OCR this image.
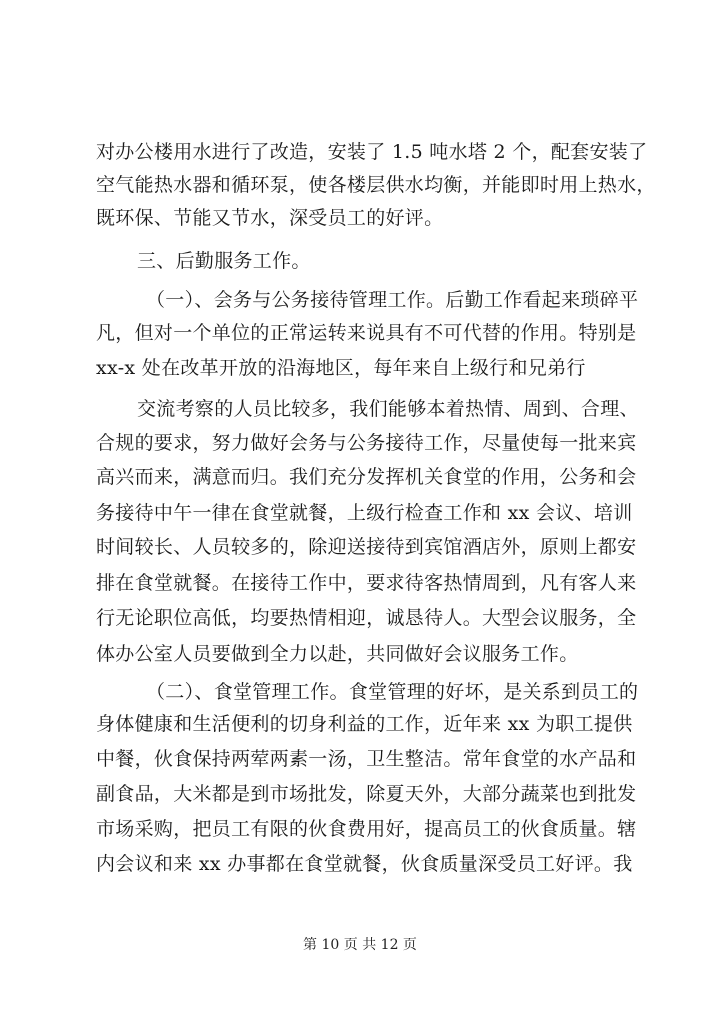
对办公楼用水进行了改造，安装了 1.5 吨水塔 2 个，配套安装了
空气能热水器和循环泵，使各楼层供水均衡，并能即时用上热水，
既环保、节能又节水，深受员工的好评。
三、后勤服务工作。
（一）、会务与公务接待管理工作。后勤工作看起来琐碎平
凡，但对一个单位的正常运转来说具有不可代替的作用。特别是
xx-x 处在改革开放的沿海地区，每年来自上级行和兄弟行
交流考察的人员比较多，我们能够本着热情、周到、合理、
合规的要求，努力做好会务与公务接待工作，尽量使每一批来宾
高兴而来，满意而归。我们充分发挥机关食堂的作用，公务和会
务接待中午一律在食堂就餐，上级行检查工作和 xx 会议、培训
时间较长、人员较多的，除迎送接待到宾馆酒店外，原则上都安
排在食堂就餐。在接待工作中，要求待客热情周到，凡有客人来
行无论职位高低，均要热情相迎，诚恳待人。大型会议服务，全
体办公室人员要做到全力以赴，共同做好会议服务工作。
（二）、食堂管理工作。食堂管理的好坏，是关系到员工的
身体健康和生活便利的切身利益的工作，近年来 xx 为职工提供
中餐，伙食保持两荤两素一汤，卫生整洁。常年食堂的水产品和
副食品，大米都是到市场批发，除夏天外，大部分蔬菜也到批发
市场采购，把员工有限的伙食费用好，提高员工的伙食质量。辖
内会议和来 xx 办事都在食堂就餐，伙食质量深受员工好评。我
第 10 页 共 12 页
